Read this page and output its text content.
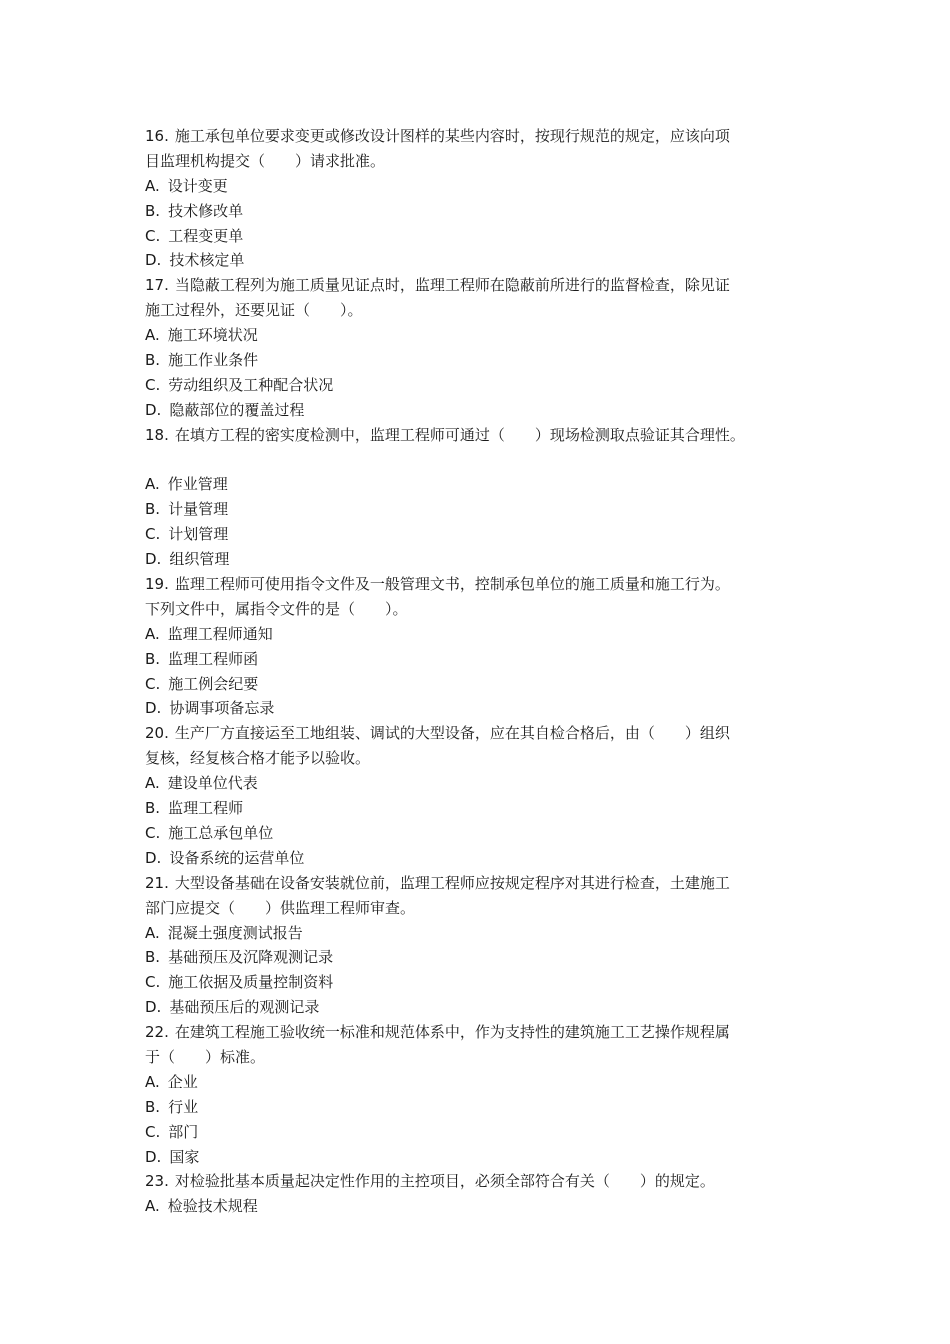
16. 施工承包单位要求变更或修改设计图样的某些内容时，按现行规范的规定，应该向项
目监理机构提交（　　）请求批准。
A. 设计变更
B. 技术修改单
C. 工程变更单
D. 技术核定单
17. 当隐蔽工程列为施工质量见证点时，监理工程师在隐蔽前所进行的监督检查，除见证
施工过程外，还要见证（　　）。
A. 施工环境状况
B. 施工作业条件
C. 劳动组织及工种配合状况
D. 隐蔽部位的覆盖过程
18. 在填方工程的密实度检测中，监理工程师可通过（　　）现场检测取点验证其合理性。
A. 作业管理
B. 计量管理
C. 计划管理
D. 组织管理
19. 监理工程师可使用指令文件及一般管理文书，控制承包单位的施工质量和施工行为。
下列文件中，属指令文件的是（　　）。
A. 监理工程师通知
B. 监理工程师函
C. 施工例会纪要
D. 协调事项备忘录
20. 生产厂方直接运至工地组装、调试的大型设备，应在其自检合格后，由（　　）组织
复核，经复核合格才能予以验收。
A. 建设单位代表
B. 监理工程师
C. 施工总承包单位
D. 设备系统的运营单位
21. 大型设备基础在设备安装就位前，监理工程师应按规定程序对其进行检查，土建施工
部门应提交（　　）供监理工程师审查。
A. 混凝土强度测试报告
B. 基础预压及沉降观测记录
C. 施工依据及质量控制资料
D. 基础预压后的观测记录
22. 在建筑工程施工验收统一标准和规范体系中，作为支持性的建筑施工工艺操作规程属
于（　　）标准。
A. 企业
B. 行业
C. 部门
D. 国家
23. 对检验批基本质量起决定性作用的主控项目，必须全部符合有关（　　）的规定。
A. 检验技术规程
